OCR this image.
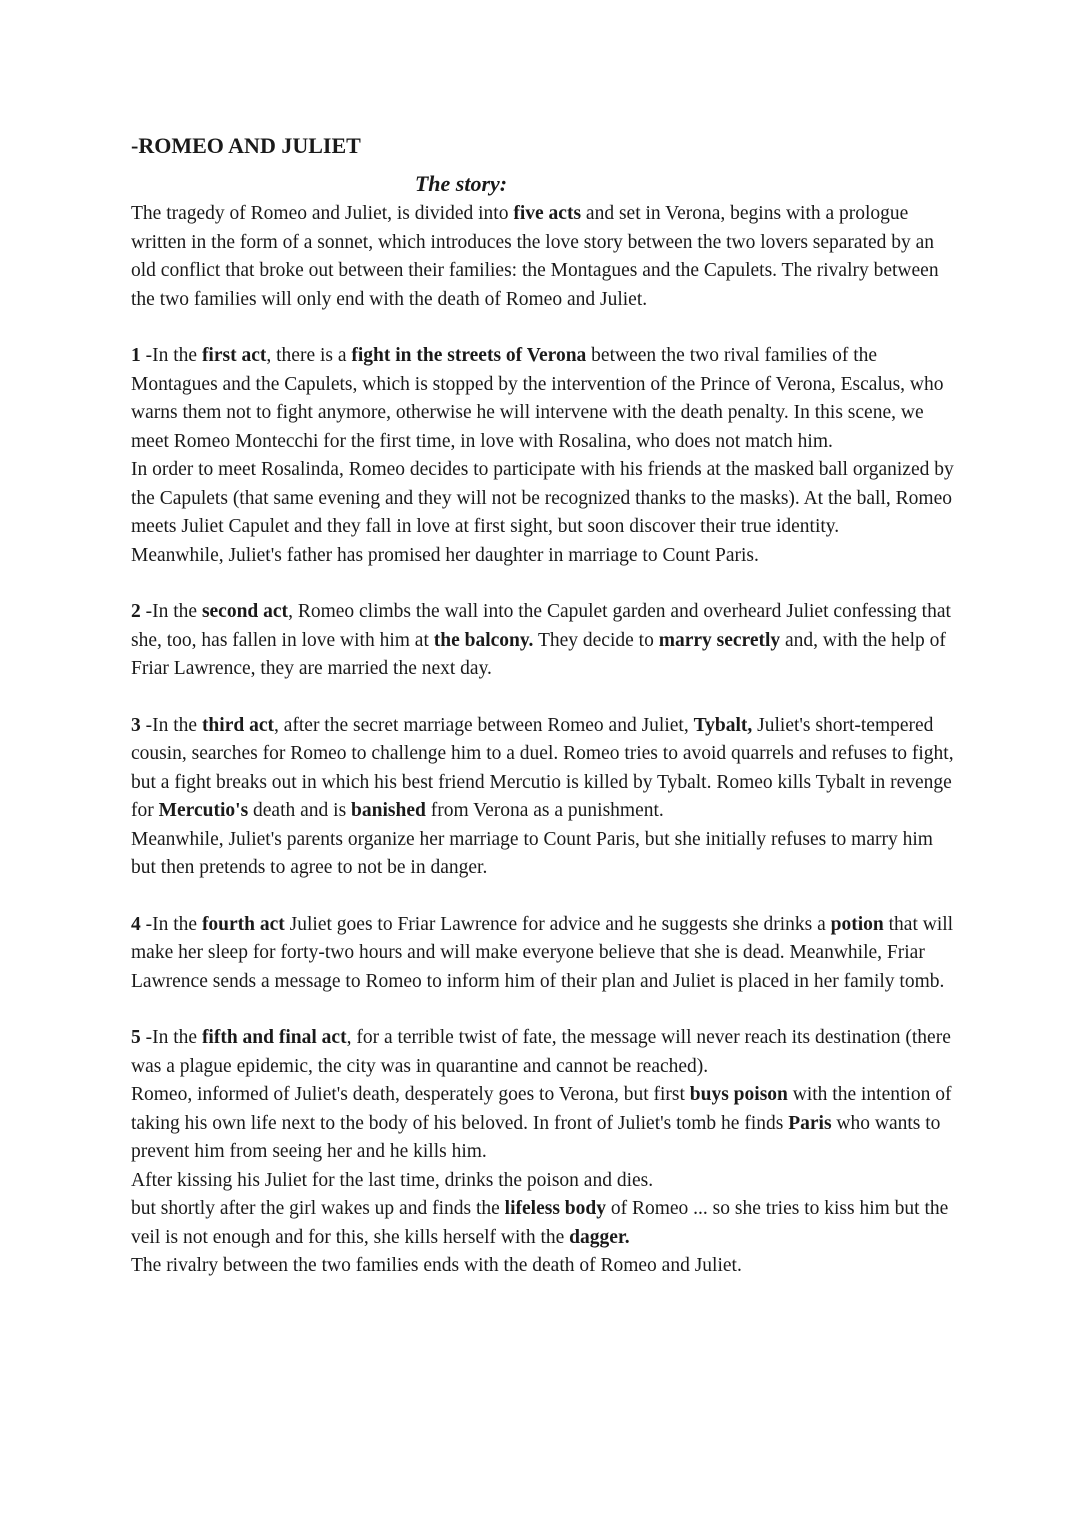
-ROMEO AND JULIET
The story:

The tragedy of Romeo and Juliet, is divided into five acts and set in Verona, begins with a prologue written in the form of a sonnet, which introduces the love story between the two lovers separated by an old conflict that broke out between their families: the Montagues and the Capulets. The rivalry between the two families will only end with the death of Romeo and Juliet.

1 -In the first act, there is a fight in the streets of Verona between the two rival families of the Montagues and the Capulets, which is stopped by the intervention of the Prince of Verona, Escalus, who warns them not to fight anymore, otherwise he will intervene with the death penalty. In this scene, we meet Romeo Montecchi for the first time, in love with Rosalina, who does not match him.

In order to meet Rosalinda, Romeo decides to participate with his friends at the masked ball organized by the Capulets (that same evening and they will not be recognized thanks to the masks). At the ball, Romeo meets Juliet Capulet and they fall in love at first sight, but soon discover their true identity.

Meanwhile, Juliet's father has promised her daughter in marriage to Count Paris.

2 -In the second act, Romeo climbs the wall into the Capulet garden and overheard Juliet confessing that she, too, has fallen in love with him at the balcony. They decide to marry secretly and, with the help of Friar Lawrence, they are married the next day.

3 -In the third act, after the secret marriage between Romeo and Juliet, Tybalt, Juliet's short-tempered cousin, searches for Romeo to challenge him to a duel. Romeo tries to avoid quarrels and refuses to fight, but a fight breaks out in which his best friend Mercutio is killed by Tybalt. Romeo kills Tybalt in revenge for Mercutio's death and is banished from Verona as a punishment.

Meanwhile, Juliet's parents organize her marriage to Count Paris, but she initially refuses to marry him but then pretends to agree to not be in danger.

4 -In the fourth act Juliet goes to Friar Lawrence for advice and he suggests she drinks a potion that will make her sleep for forty-two hours and will make everyone believe that she is dead. Meanwhile, Friar Lawrence sends a message to Romeo to inform him of their plan and Juliet is placed in her family tomb.

5 -In the fifth and final act, for a terrible twist of fate, the message will never reach its destination (there was a plague epidemic, the city was in quarantine and cannot be reached).

Romeo, informed of Juliet's death, desperately goes to Verona, but first buys poison with the intention of taking his own life next to the body of his beloved. In front of Juliet's tomb he finds Paris who wants to prevent him from seeing her and he kills him.

After kissing his Juliet for the last time, drinks the poison and dies.

but shortly after the girl wakes up and finds the lifeless body of Romeo ... so she tries to kiss him but the veil is not enough and for this, she kills herself with the dagger.

The rivalry between the two families ends with the death of Romeo and Juliet.
